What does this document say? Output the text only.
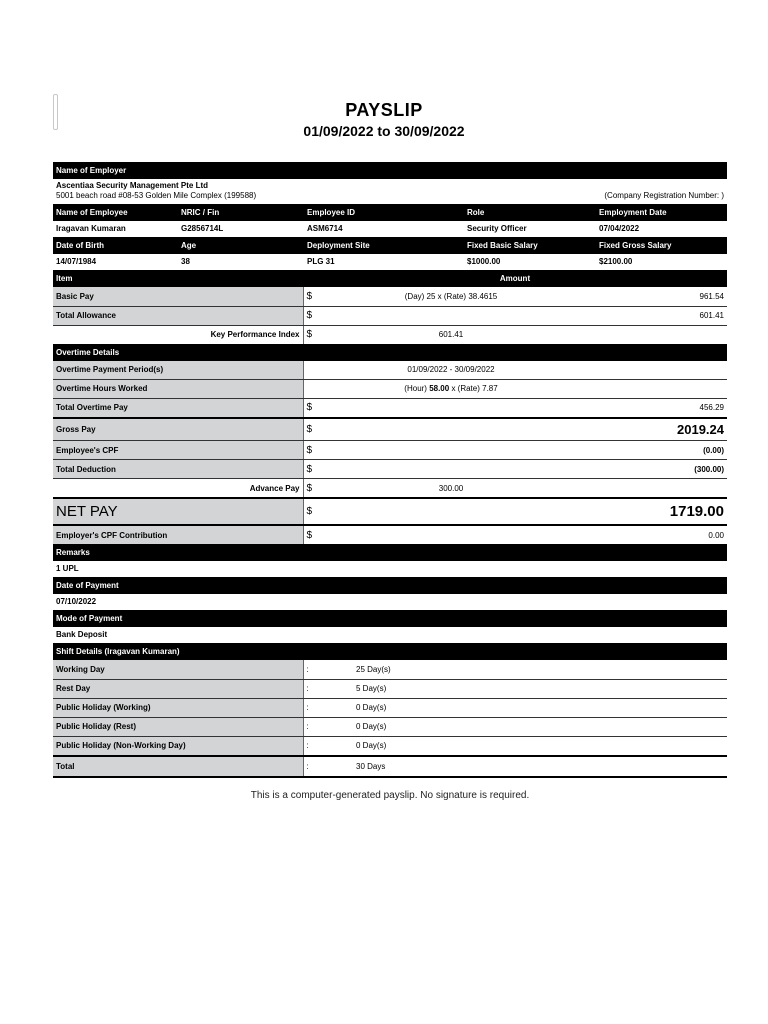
PAYSLIP
01/09/2022 to 30/09/2022
Name of Employer
Ascentiaa Security Management Pte Ltd
5001 beach road #08-53 Golden Mile Complex (199588)	(Company Registration Number: )
Name of Employee	NRIC / Fin	Employee ID	Role	Employment Date
Iragavan Kumaran	G2856714L	ASM6714	Security Officer	07/04/2022
Date of Birth	Age	Deployment Site	Fixed Basic Salary	Fixed Gross Salary
14/07/1984	38	PLG 31	$1000.00	$2100.00
Item	Amount
Basic Pay	$	(Day) 25 x (Rate) 38.4615	961.54
Total Allowance	$		601.41
Key Performance Index	$	601.41	
Overtime Details
Overtime Payment Period(s)		01/09/2022 - 30/09/2022	
Overtime Hours Worked		(Hour) 58.00 x (Rate) 7.87	
Total Overtime Pay	$		456.29
Gross Pay	$		2019.24
Employee's CPF	$		(0.00)
Total Deduction	$		(300.00)
Advance Pay	$	300.00	
NET PAY	$		1719.00
Employer's CPF Contribution	$		0.00
Remarks
1 UPL
Date of Payment
07/10/2022
Mode of Payment
Bank Deposit
Shift Details (Iragavan Kumaran)
Working Day	:	25 Day(s)
Rest Day	:	5 Day(s)
Public Holiday (Working)	:	0 Day(s)
Public Holiday (Rest)	:	0 Day(s)
Public Holiday (Non-Working Day)	:	0 Day(s)
Total	:	30 Days
This is a computer-generated payslip. No signature is required.
